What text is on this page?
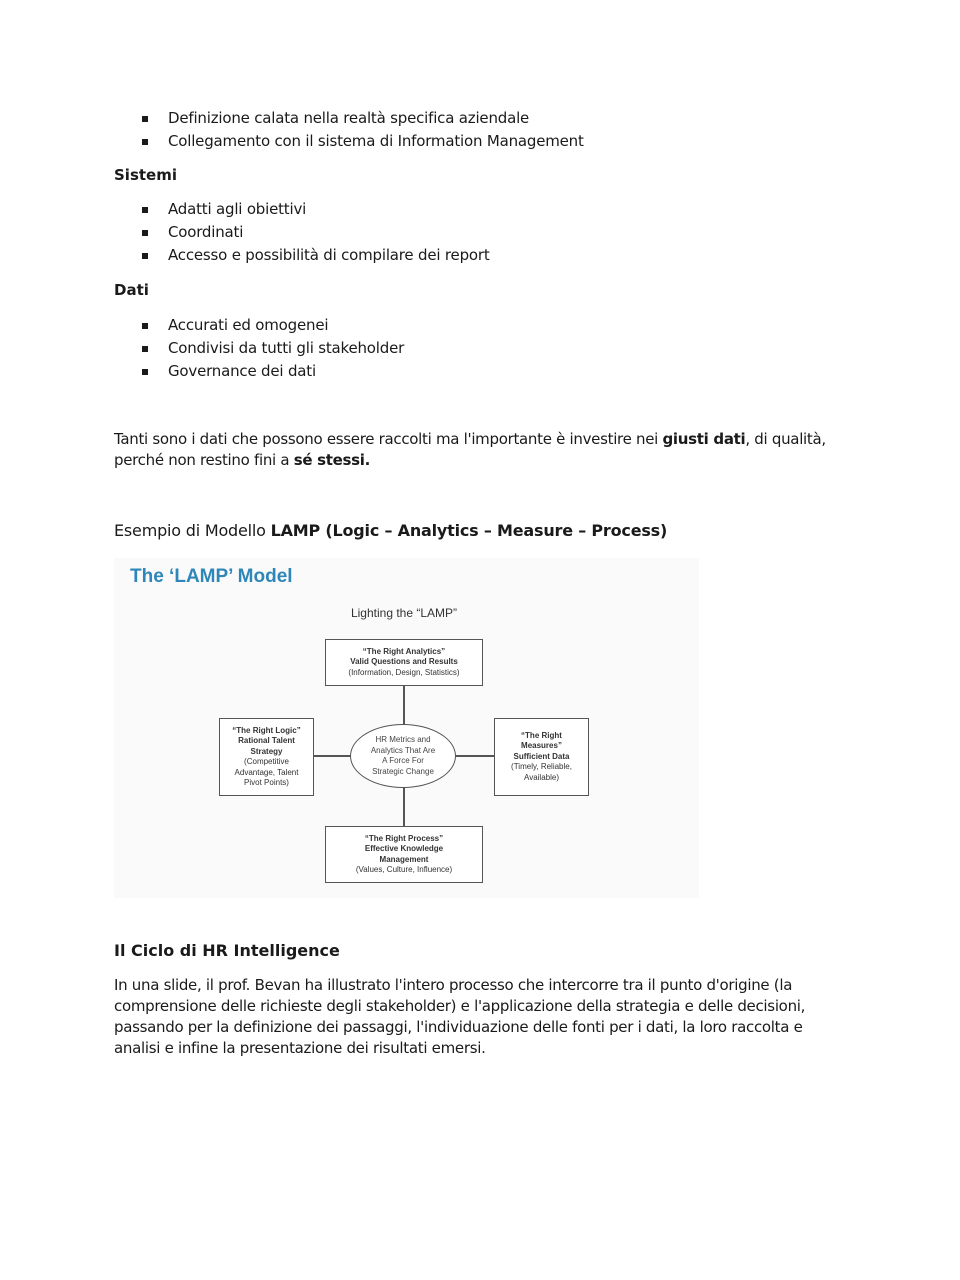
Definizione calata nella realtà specifica aziendale
Collegamento con il sistema di Information Management
Sistemi
Adatti agli obiettivi
Coordinati
Accesso e possibilità di compilare dei report
Dati
Accurati ed omogenei
Condivisi da tutti gli stakeholder
Governance dei dati
Tanti sono i dati che possono essere raccolti ma l'importante è investire nei giusti dati, di qualità, perché non restino fini a sé stessi.
Esempio di Modello LAMP (Logic – Analytics – Measure – Process)
The ‘LAMP’ Model
Lighting the “LAMP”
“The Right Analytics”
Valid Questions and Results
(Information, Design, Statistics)
“The Right Logic”
Rational Talent
Strategy
(Competitive
Advantage, Talent
Pivot Points)
HR Metrics and
Analytics That Are
A Force For
Strategic Change
“The Right
Measures”
Sufficient Data
(Timely, Reliable,
Available)
“The Right Process”
Effective Knowledge
Management
(Values, Culture, Influence)
Il Ciclo di HR Intelligence
In una slide, il prof. Bevan ha illustrato l'intero processo che intercorre tra il punto d'origine (la comprensione delle richieste degli stakeholder) e l'applicazione della strategia e delle decisioni, passando per la definizione dei passaggi, l'individuazione delle fonti per i dati, la loro raccolta e analisi e infine la presentazione dei risultati emersi.
